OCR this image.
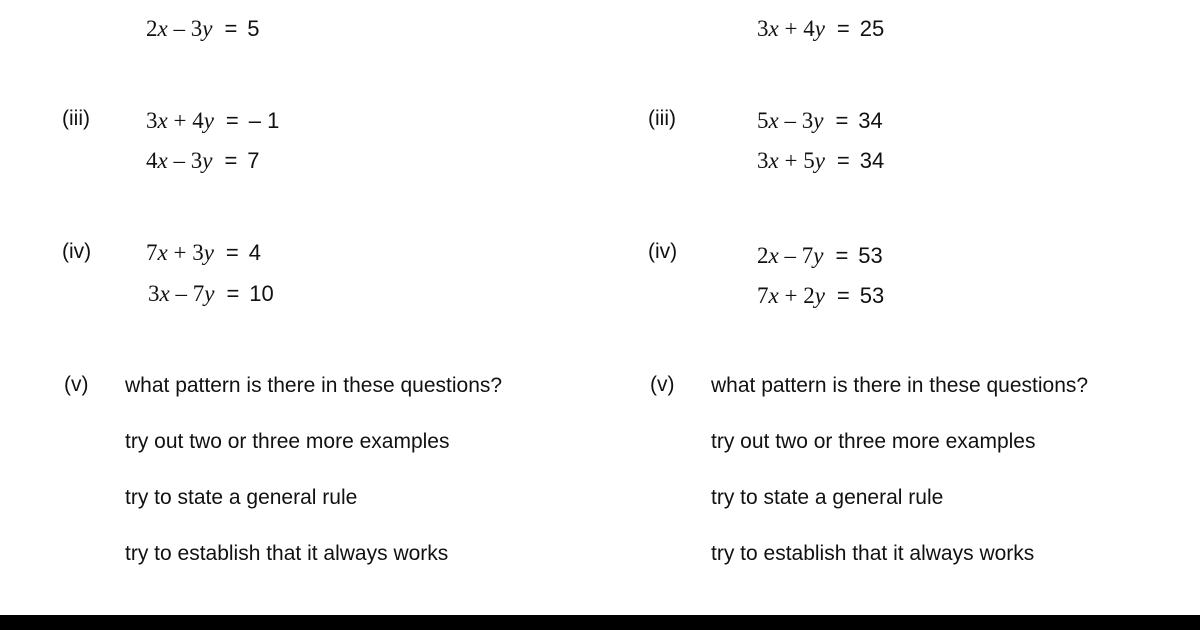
2x – 3y = 5
(iii) 3x + 4y = – 1
4x – 3y = 7
(iv) 7x + 3y = 4
3x – 7y = 10
(v) what pattern is there in these questions?
try out two or three more examples
try to state a general rule
try to establish that it always works
3x + 4y = 25
(iii)	5x – 3y = 34
3x + 5y = 34
(iv)	2x – 7y = 53
7x + 2y = 53
(v) what pattern is there in these questions?
try out two or three more examples
try to state a general rule
try to establish that it always works
